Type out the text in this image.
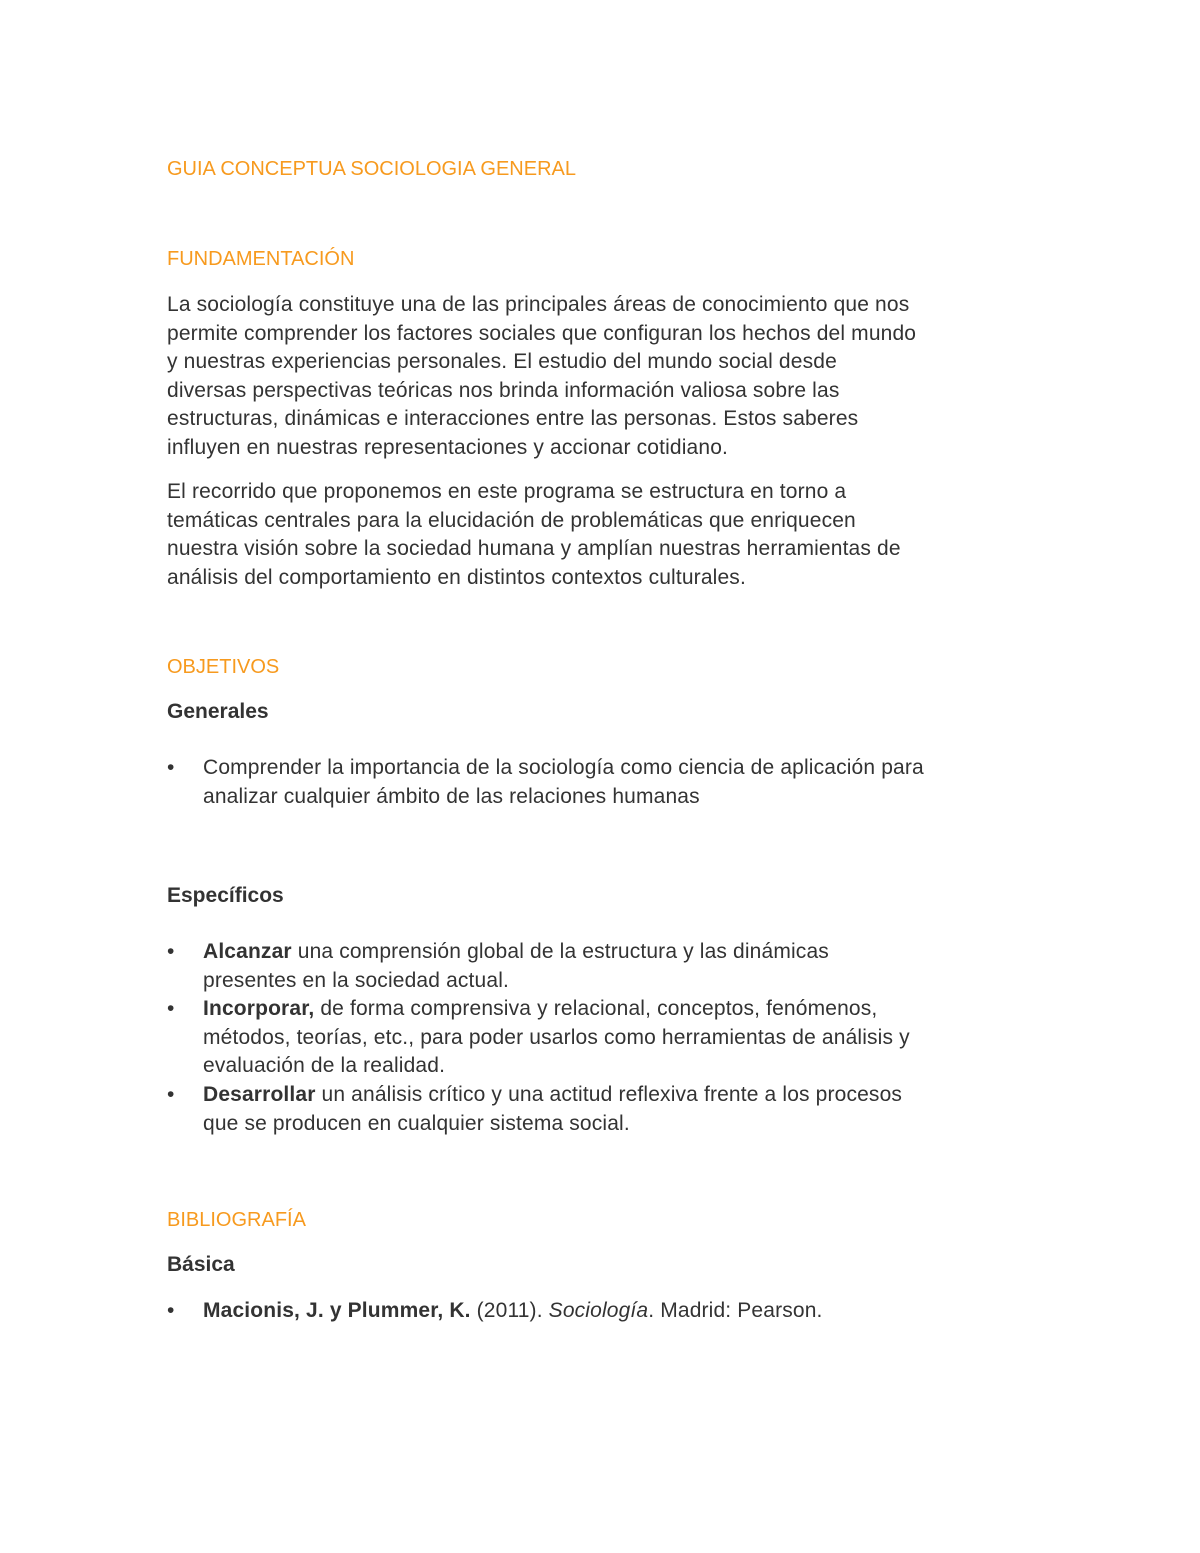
GUIA CONCEPTUA SOCIOLOGIA GENERAL
FUNDAMENTACIÓN
La sociología constituye una de las principales áreas de conocimiento que nos
permite comprender los factores sociales que configuran los hechos del mundo
y nuestras experiencias personales. El estudio del mundo social desde
diversas perspectivas teóricas nos brinda información valiosa sobre las
estructuras, dinámicas e interacciones entre las personas. Estos saberes
influyen en nuestras representaciones y accionar cotidiano.
El recorrido que proponemos en este programa se estructura en torno a
temáticas centrales para la elucidación de problemáticas que enriquecen
nuestra visión sobre la sociedad humana y amplían nuestras herramientas de
análisis del comportamiento en distintos contextos culturales.
OBJETIVOS
Generales
• Comprender la importancia de la sociología como ciencia de aplicación para
analizar cualquier ámbito de las relaciones humanas
Específicos
• Alcanzar una comprensión global de la estructura y las dinámicas
presentes en la sociedad actual.
• Incorporar, de forma comprensiva y relacional, conceptos, fenómenos,
métodos, teorías, etc., para poder usarlos como herramientas de análisis y
evaluación de la realidad.
• Desarrollar un análisis crítico y una actitud reflexiva frente a los procesos
que se producen en cualquier sistema social.
BIBLIOGRAFÍA
Básica
• Macionis, J. y Plummer, K. (2011). Sociología. Madrid: Pearson.
